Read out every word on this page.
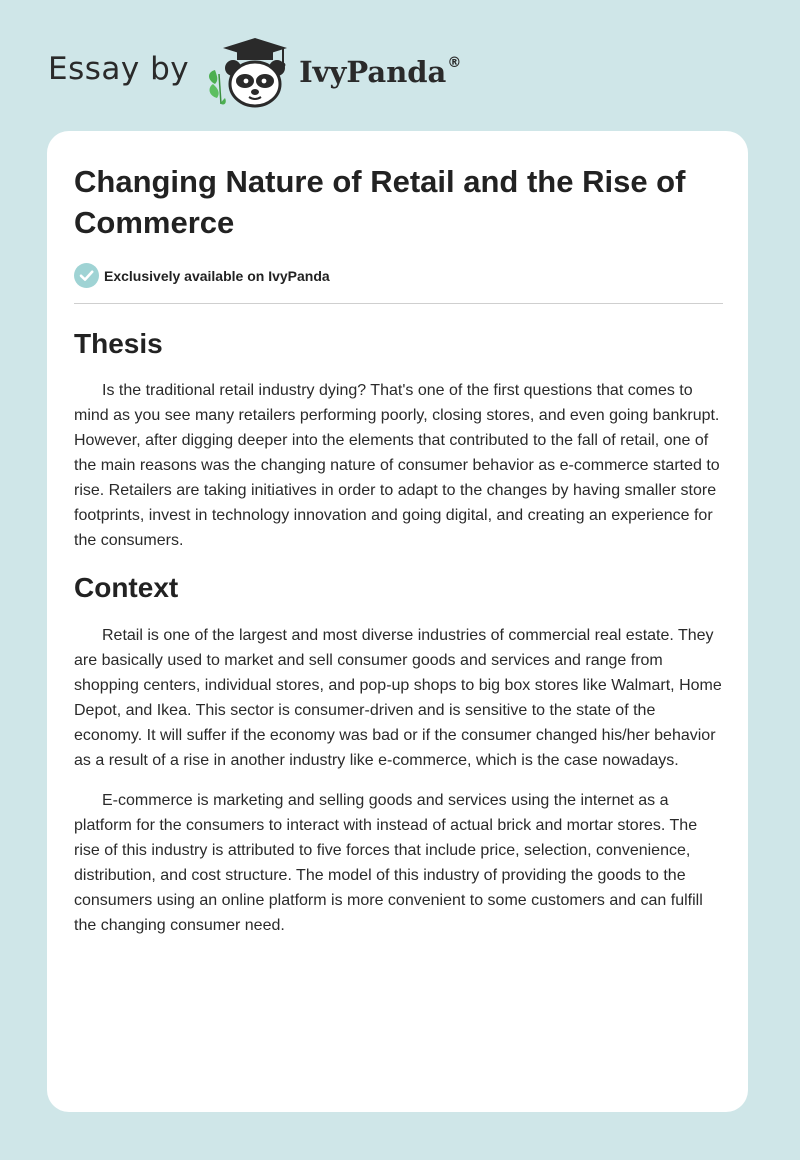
Essay by	IvyPanda®
Changing Nature of Retail and the Rise of Commerce
Exclusively available on IvyPanda
Thesis

Is the traditional retail industry dying? That's one of the first questions that comes to mind as you see many retailers performing poorly, closing stores, and even going bankrupt. However, after digging deeper into the elements that contributed to the fall of retail, one of the main reasons was the changing nature of consumer behavior as e-commerce started to rise. Retailers are taking initiatives in order to adapt to the changes by having smaller store footprints, invest in technology innovation and going digital, and creating an experience for the consumers.

Context

Retail is one of the largest and most diverse industries of commercial real estate. They are basically used to market and sell consumer goods and services and range from shopping centers, individual stores, and pop-up shops to big box stores like Walmart, Home Depot, and Ikea. This sector is consumer-driven and is sensitive to the state of the economy. It will suffer if the economy was bad or if the consumer changed his/her behavior as a result of a rise in another industry like e-commerce, which is the case nowadays.

E-commerce is marketing and selling goods and services using the internet as a platform for the consumers to interact with instead of actual brick and mortar stores. The rise of this industry is attributed to five forces that include price, selection, convenience, distribution, and cost structure. The model of this industry of providing the goods to the consumers using an online platform is more convenient to some customers and can fulfill the changing consumer need.
